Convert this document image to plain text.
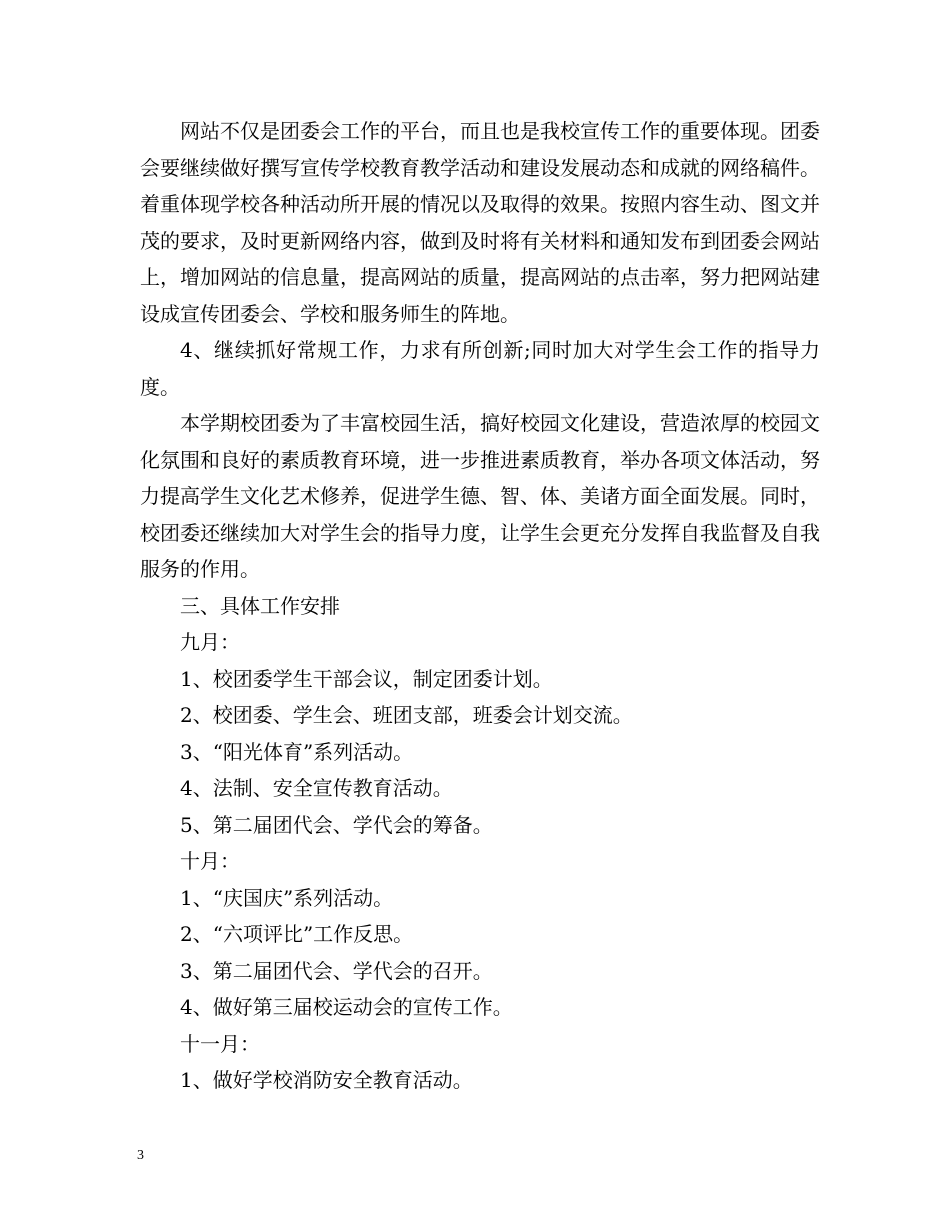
网站不仅是团委会工作的平台，而且也是我校宣传工作的重要体现。团委会要继续做好撰写宣传学校教育教学活动和建设发展动态和成就的网络稿件。着重体现学校各种活动所开展的情况以及取得的效果。按照内容生动、图文并茂的要求，及时更新网络内容，做到及时将有关材料和通知发布到团委会网站上，增加网站的信息量，提高网站的质量，提高网站的点击率，努力把网站建设成宣传团委会、学校和服务师生的阵地。

4、继续抓好常规工作，力求有所创新;同时加大对学生会工作的指导力度。

本学期校团委为了丰富校园生活，搞好校园文化建设，营造浓厚的校园文化氛围和良好的素质教育环境，进一步推进素质教育，举办各项文体活动，努力提高学生文化艺术修养，促进学生德、智、体、美诸方面全面发展。同时，校团委还继续加大对学生会的指导力度，让学生会更充分发挥自我监督及自我服务的作用。

三、具体工作安排

九月：

1、校团委学生干部会议，制定团委计划。

2、校团委、学生会、班团支部，班委会计划交流。

3、“阳光体育”系列活动。

4、法制、安全宣传教育活动。

5、第二届团代会、学代会的筹备。

十月：

1、“庆国庆”系列活动。

2、“六项评比”工作反思。

3、第二届团代会、学代会的召开。

4、做好第三届校运动会的宣传工作。

十一月：

1、做好学校消防安全教育活动。

3
